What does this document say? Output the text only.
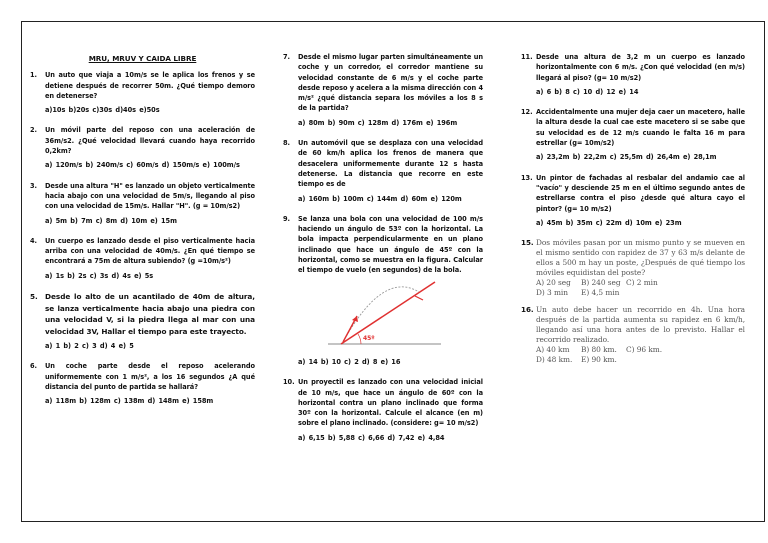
MRU, MRUV Y CAIDA LIBRE
1.	Un auto que viaja a 10m/s se le aplica los frenos y se detiene después de recorrer 50m. ¿Qué tiempo demoro en detenerse?
a)10s b)20s c)30s d)40s e)50s
2.	Un móvil parte del reposo con una aceleración de 36m/s2. ¿Qué velocidad llevará cuando haya recorrido 0,2km?
a) 120m/s b) 240m/s c) 60m/s d) 150m/s e) 100m/s
3.	Desde una altura "H" es lanzado un objeto verticalmente hacia abajo con una velocidad de 5m/s, llegando al piso con una velocidad de 15m/s. Hallar "H". (g = 10m/s2)
a) 5m b) 7m c) 8m d) 10m e) 15m
4.	Un cuerpo es lanzado desde el piso verticalmente hacia arriba con una velocidad de 40m/s. ¿En qué tiempo se encontrará a 75m de altura subiendo? (g =10m/s²)
a) 1s b) 2s c) 3s d) 4s e) 5s
5. Desde lo alto de un acantilado de 40m de altura, se lanza verticalmente hacia abajo una piedra con una velocidad V, si la piedra llega al mar con una velocidad 3V, Hallar el tiempo para este trayecto.
a) 1 b) 2 c) 3 d) 4 e) 5
6.	Un coche parte desde el reposo acelerando uniformemente con 1 m/s², a los 16 segundos ¿A qué distancia del punto de partida se hallará?
a) 118m b) 128m c) 138m d) 148m e) 158m
7.	Desde el mismo lugar parten simultáneamente un coche y un corredor, el corredor mantiene su velocidad constante de 6 m/s y el coche parte desde reposo y acelera a la misma dirección con 4 m/s² ¿qué distancia separa los móviles a los 8 s de la partida?
a) 80m b) 90m c) 128m d) 176m e) 196m
8.	Un automóvil que se desplaza con una velocidad de 60 km/h aplica los frenos de manera que desacelera uniformemente durante 12 s hasta detenerse. La distancia que recorre en este tiempo es de
a) 160m b) 100m c) 144m d) 60m e) 120m
9.	Se lanza una bola con una velocidad de 100 m/s haciendo un ángulo de 53º con la horizontal. La bola impacta perpendicularmente en un plano inclinado que hace un ángulo de 45º con la horizontal, como se muestra en la figura. Calcular el tiempo de vuelo (en segundos) de la bola.
45º
a) 14 b) 10 c) 2 d) 8 e) 16
10. Un proyectil es lanzado con una velocidad inicial de 10 m/s, que hace un ángulo de 60º con la horizontal contra un plano inclinado que forma 30º con la horizontal. Calcule el alcance (en m) sobre el plano inclinado. (considere: g= 10 m/s2)
a) 6,15 b) 5,88 c) 6,66 d) 7,42 e) 4,84
11. Desde una altura de 3,2 m un cuerpo es lanzado horizontalmente con 6 m/s. ¿Con qué velocidad (en m/s) llegará al piso? (g= 10 m/s2)
a) 6 b) 8 c) 10 d) 12 e) 14
12. Accidentalmente una mujer deja caer un macetero, halle la altura desde la cual cae este macetero si se sabe que su velocidad es de 12 m/s cuando le falta 16 m para estrellar (g= 10m/s2)
a) 23,2m b) 22,2m c) 25,5m d) 26,4m e) 28,1m
13. Un pintor de fachadas al resbalar del andamio cae al "vacío" y desciende 25 m en el último segundo antes de estrellarse contra el piso ¿desde qué altura cayo el pintor? (g= 10 m/s2)
a) 45m b) 35m c) 22m d) 10m e) 23m
15. Dos móviles pasan por un mismo punto y se mueven en el mismo sentido con rapidez de 37 y 63 m/s delante de ellos a 500 m hay un poste, ¿Después de qué tiempo los móviles equidistan del poste?
A) 20 seg	B) 240 seg C) 2 min
D) 3 min	E) 4,5 min
16. Un auto debe hacer un recorrido en 4h. Una hora después de la partida aumenta su rapidez en 6 km/h, llegando así una hora antes de lo previsto. Hallar el recorrido realizado.
A) 40 km	B) 80 km.	C) 96 km.
D) 48 km.	E) 90 km.
